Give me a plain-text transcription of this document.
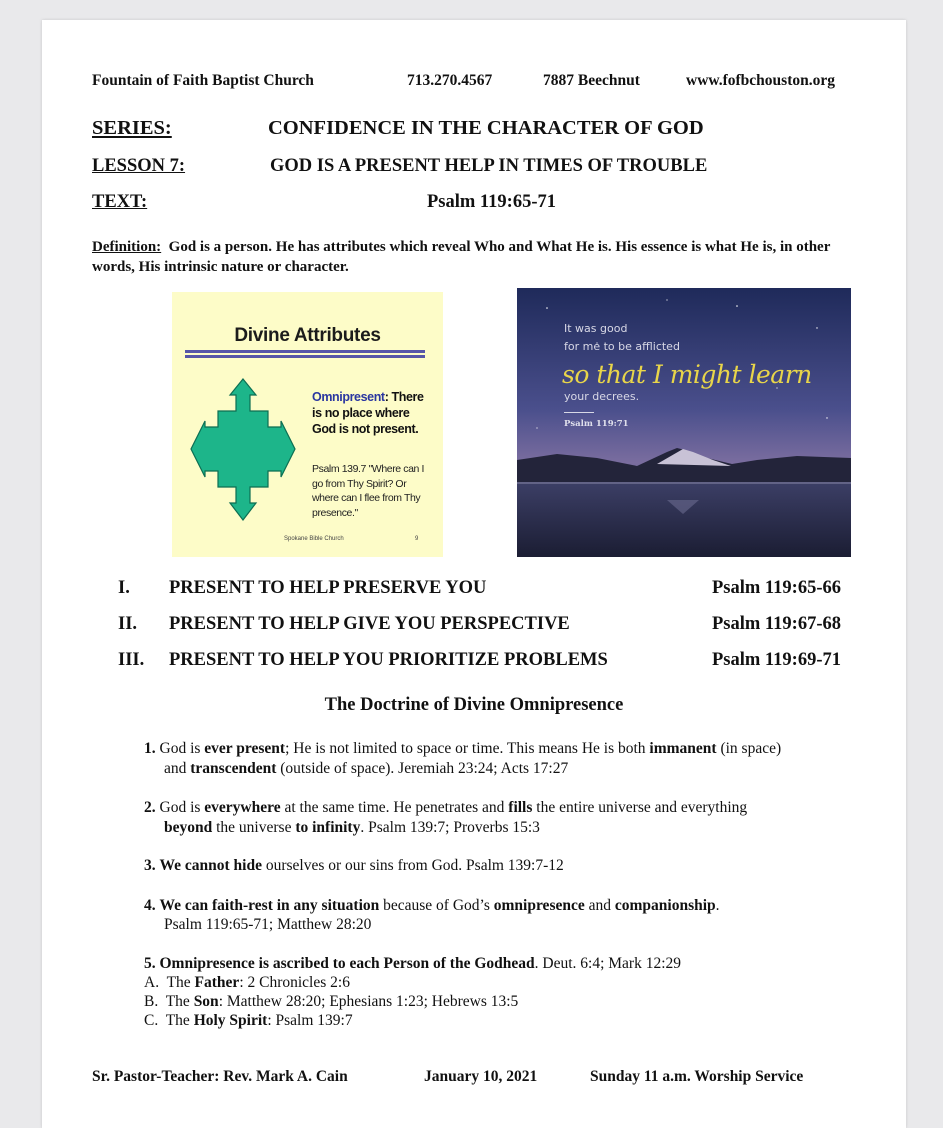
Fountain of Faith Baptist Church	713.270.4567	7887 Beechnut	www.fofbchouston.org
SERIES:	CONFIDENCE IN THE CHARACTER OF GOD
LESSON 7:	GOD IS A PRESENT HELP IN TIMES OF TROUBLE
TEXT:	Psalm 119:65-71
Definition: God is a person. He has attributes which reveal Who and What He is. His essence is what He is, in other words, His intrinsic nature or character.
Divine Attributes
Omnipresent: There is no place where God is not present.
Psalm 139.7 "Where can I go from Thy Spirit? Or where can I flee from Thy presence."
Spokane Bible Church	9
It was good
for me to be afflicted
so that I might learn
your decrees.
Psalm 119:71
I. PRESENT TO HELP PRESERVE YOU	Psalm 119:65-66
II. PRESENT TO HELP GIVE YOU PERSPECTIVE	Psalm 119:67-68
III. PRESENT TO HELP YOU PRIORITIZE PROBLEMS	Psalm 119:69-71
The Doctrine of Divine Omnipresence
1. God is ever present; He is not limited to space or time. This means He is both immanent (in space)
and transcendent (outside of space). Jeremiah 23:24; Acts 17:27
2. God is everywhere at the same time. He penetrates and fills the entire universe and everything
beyond the universe to infinity. Psalm 139:7; Proverbs 15:3
3. We cannot hide ourselves or our sins from God. Psalm 139:7-12
4. We can faith-rest in any situation because of God’s omnipresence and companionship.
Psalm 119:65-71; Matthew 28:20
5. Omnipresence is ascribed to each Person of the Godhead. Deut. 6:4; Mark 12:29
A. The Father: 2 Chronicles 2:6
B. The Son: Matthew 28:20; Ephesians 1:23; Hebrews 13:5
C. The Holy Spirit: Psalm 139:7
Sr. Pastor-Teacher: Rev. Mark A. Cain	January 10, 2021	Sunday 11 a.m. Worship Service
